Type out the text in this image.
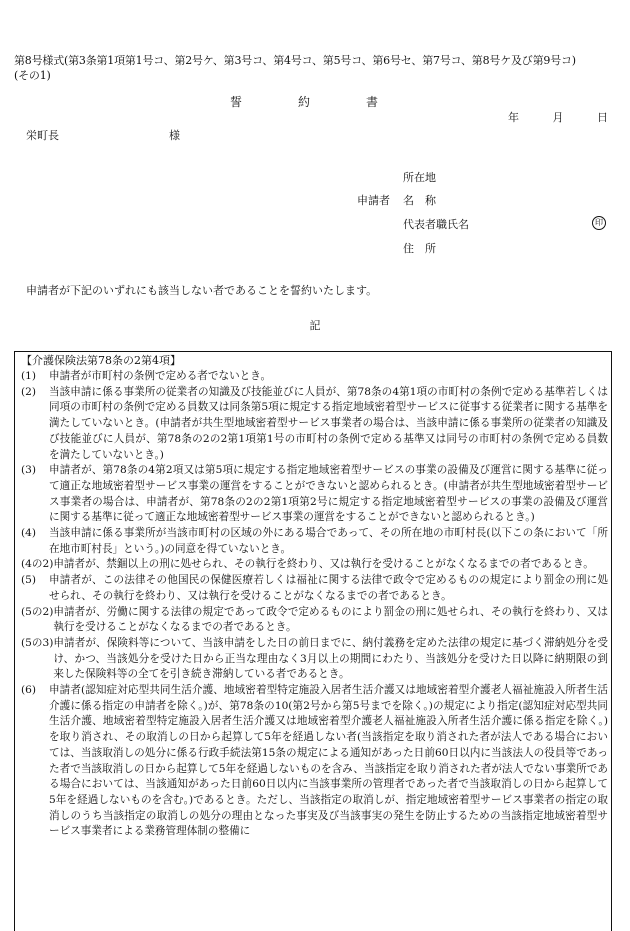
第8号様式(第3条第1項第1号コ、第2号ケ、第3号コ、第4号コ、第5号コ、第6号セ、第7号コ、第8号ケ及び第9号コ)
(その1)
誓　約　書
年	月	日
栄町長	様
所在地
申請者 名　称
代表者職氏名
住　所
印
申請者が下記のいずれにも該当しない者であることを誓約いたします。
記
【介護保険法第78条の2第4項】
(1)	申請者が市町村の条例で定める者でないとき。
(2)	当該申請に係る事業所の従業者の知識及び技能並びに人員が、第78条の4第1項の市町村の条例で定める基準若しくは同項の市町村の条例で定める員数又は同条第5項に規定する指定地域密着型サービスに従事する従業者に関する基準を満たしていないとき。(申請者が共生型地域密着型サービス事業者の場合は、当該申請に係る事業所の従業者の知識及び技能並びに人員が、第78条の2の2第1項第1号の市町村の条例で定める基準又は同号の市町村の条例で定める員数を満たしていないとき。)
(3)	申請者が、第78条の4第2項又は第5項に規定する指定地域密着型サービスの事業の設備及び運営に関する基準に従って適正な地域密着型サービス事業の運営をすることができないと認められるとき。(申請者が共生型地域密着型サービス事業者の場合は、申請者が、第78条の2の2第1項第2号に規定する指定地域密着型サービスの事業の設備及び運営に関する基準に従って適正な地域密着型サービス事業の運営をすることができないと認められるとき。)
(4)	当該申請に係る事業所が当該市町村の区域の外にある場合であって、その所在地の市町村長(以下この条において「所在地市町村長」という。)の同意を得ていないとき。
(4の2) 申請者が、禁錮以上の刑に処せられ、その執行を終わり、又は執行を受けることがなくなるまでの者であるとき。
(5)	申請者が、この法律その他国民の保健医療若しくは福祉に関する法律で政令で定めるものの規定により罰金の刑に処せられ、その執行を終わり、又は執行を受けることがなくなるまでの者であるとき。
(5の2) 申請者が、労働に関する法律の規定であって政令で定めるものにより罰金の刑に処せられ、その執行を終わり、又は執行を受けることがなくなるまでの者であるとき。
(5の3) 申請者が、保険料等について、当該申請をした日の前日までに、納付義務を定めた法律の規定に基づく滞納処分を受け、かつ、当該処分を受けた日から正当な理由なく3月以上の期間にわたり、当該処分を受けた日以降に納期限の到来した保険料等の全てを引き続き滞納している者であるとき。
(6)	申請者(認知症対応型共同生活介護、地域密着型特定施設入居者生活介護又は地域密着型介護老人福祉施設入所者生活介護に係る指定の申請者を除く。)が、第78条の10(第2号から第5号までを除く。)の規定により指定(認知症対応型共同生活介護、地域密着型特定施設入居者生活介護又は地域密着型介護老人福祉施設入所者生活介護に係る指定を除く。)を取り消され、その取消しの日から起算して5年を経過しない者(当該指定を取り消された者が法人である場合においては、当該取消しの処分に係る行政手続法第15条の規定による通知があった日前60日以内に当該法人の役員等であった者で当該取消しの日から起算して5年を経過しないものを含み、当該指定を取り消された者が法人でない事業所である場合においては、当該通知があった日前60日以内に当該事業所の管理者であった者で当該取消しの日から起算して5年を経過しないものを含む。)であるとき。ただし、当該指定の取消しが、指定地域密着型サービス事業者の指定の取消しのうち当該指定の取消しの処分の理由となった事実及び当該事実の発生を防止するための当該指定地域密着型サービス事業者による業務管理体制の整備に
